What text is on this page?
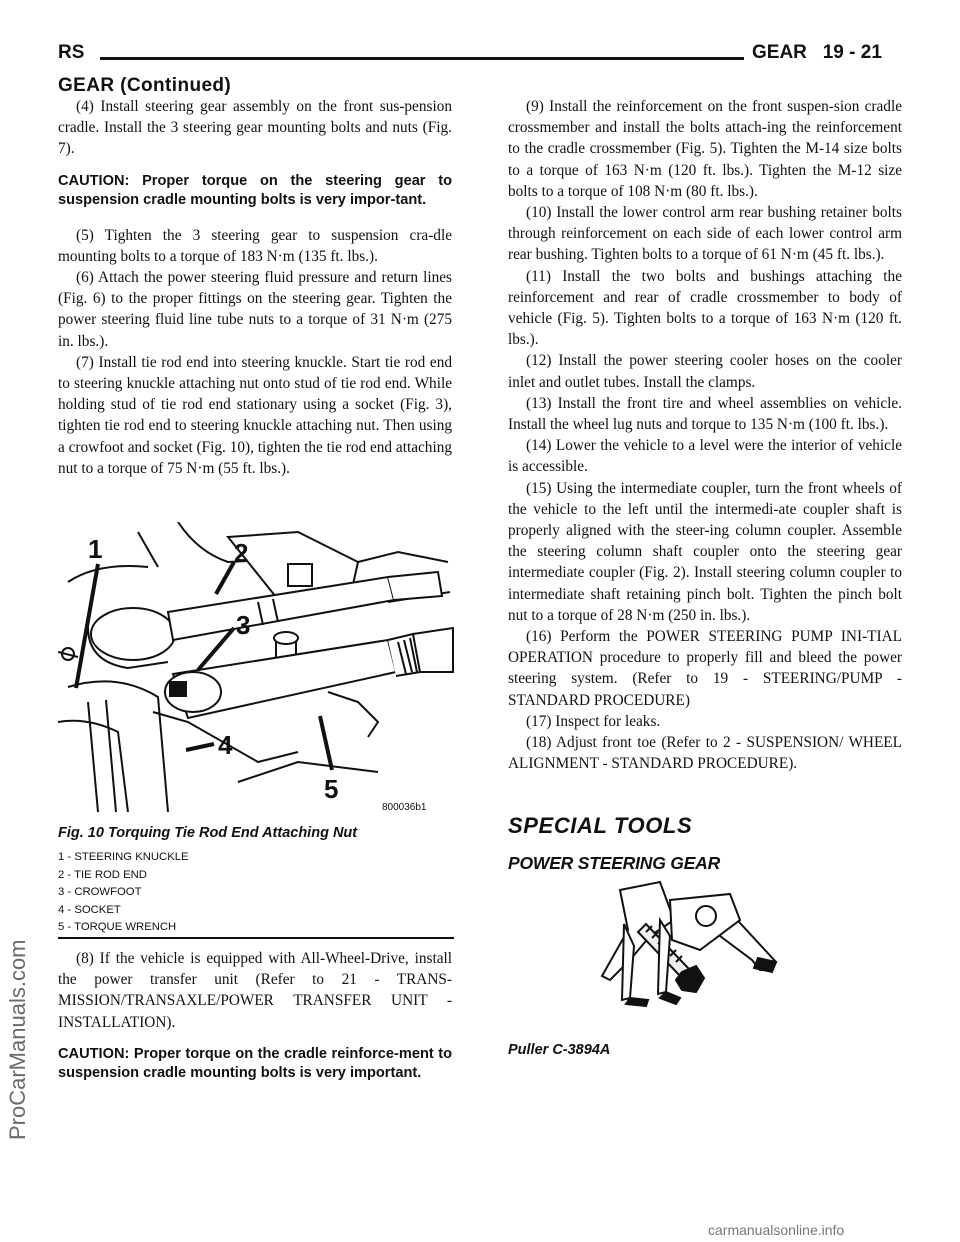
RS	GEAR   19 - 21
GEAR (Continued)

(4) Install steering gear assembly on the front sus-pension cradle. Install the 3 steering gear mounting bolts and nuts (Fig. 7).

CAUTION: Proper torque on the steering gear to suspension cradle mounting bolts is very impor-tant.

(5) Tighten the 3 steering gear to suspension cra-dle mounting bolts to a torque of 183 N·m (135 ft. lbs.).

(6) Attach the power steering fluid pressure and return lines (Fig. 6) to the proper fittings on the steering gear. Tighten the power steering fluid line tube nuts to a torque of 31 N·m (275 in. lbs.).

(7) Install tie rod end into steering knuckle. Start tie rod end to steering knuckle attaching nut onto stud of tie rod end. While holding stud of tie rod end stationary using a socket (Fig. 3), tighten tie rod end to steering knuckle attaching nut. Then using a crowfoot and socket (Fig. 10), tighten the tie rod end attaching nut to a torque of 75 N·m (55 ft. lbs.).

1	2
3
4
5
800036b1
Fig. 10 Torquing Tie Rod End Attaching Nut
1 - STEERING KNUCKLE
2 - TIE ROD END
3 - CROWFOOT
4 - SOCKET
5 - TORQUE WRENCH

(8) If the vehicle is equipped with All-Wheel-Drive, install the power transfer unit (Refer to 21 - TRANS-MISSION/TRANSAXLE/POWER TRANSFER UNIT - INSTALLATION).

CAUTION: Proper torque on the cradle reinforce-ment to suspension cradle mounting bolts is very important.

(9) Install the reinforcement on the front suspen-sion cradle crossmember and install the bolts attach-ing the reinforcement to the cradle crossmember (Fig. 5). Tighten the M-14 size bolts to a torque of 163 N·m (120 ft. lbs.). Tighten the M-12 size bolts to a torque of 108 N·m (80 ft. lbs.).

(10) Install the lower control arm rear bushing retainer bolts through reinforcement on each side of each lower control arm rear bushing. Tighten bolts to a torque of 61 N·m (45 ft. lbs.).

(11) Install the two bolts and bushings attaching the reinforcement and rear of cradle crossmember to body of vehicle (Fig. 5). Tighten bolts to a torque of 163 N·m (120 ft. lbs.).

(12) Install the power steering cooler hoses on the cooler inlet and outlet tubes. Install the clamps.

(13) Install the front tire and wheel assemblies on vehicle. Install the wheel lug nuts and torque to 135 N·m (100 ft. lbs.).

(14) Lower the vehicle to a level were the interior of vehicle is accessible.

(15) Using the intermediate coupler, turn the front wheels of the vehicle to the left until the intermedi-ate coupler shaft is properly aligned with the steer-ing column coupler. Assemble the steering column shaft coupler onto the steering gear intermediate coupler (Fig. 2). Install steering column coupler to intermediate shaft retaining pinch bolt. Tighten the pinch bolt nut to a torque of 28 N·m (250 in. lbs.).

(16) Perform the POWER STEERING PUMP INI-TIAL OPERATION procedure to properly fill and bleed the power steering system. (Refer to 19 - STEERING/PUMP - STANDARD PROCEDURE)

(17) Inspect for leaks.

(18) Adjust front toe (Refer to 2 - SUSPENSION/ WHEEL ALIGNMENT - STANDARD PROCEDURE).

SPECIAL TOOLS
POWER STEERING GEAR
Puller C-3894A
ProCarManuals.com
carmanualsonline.info
